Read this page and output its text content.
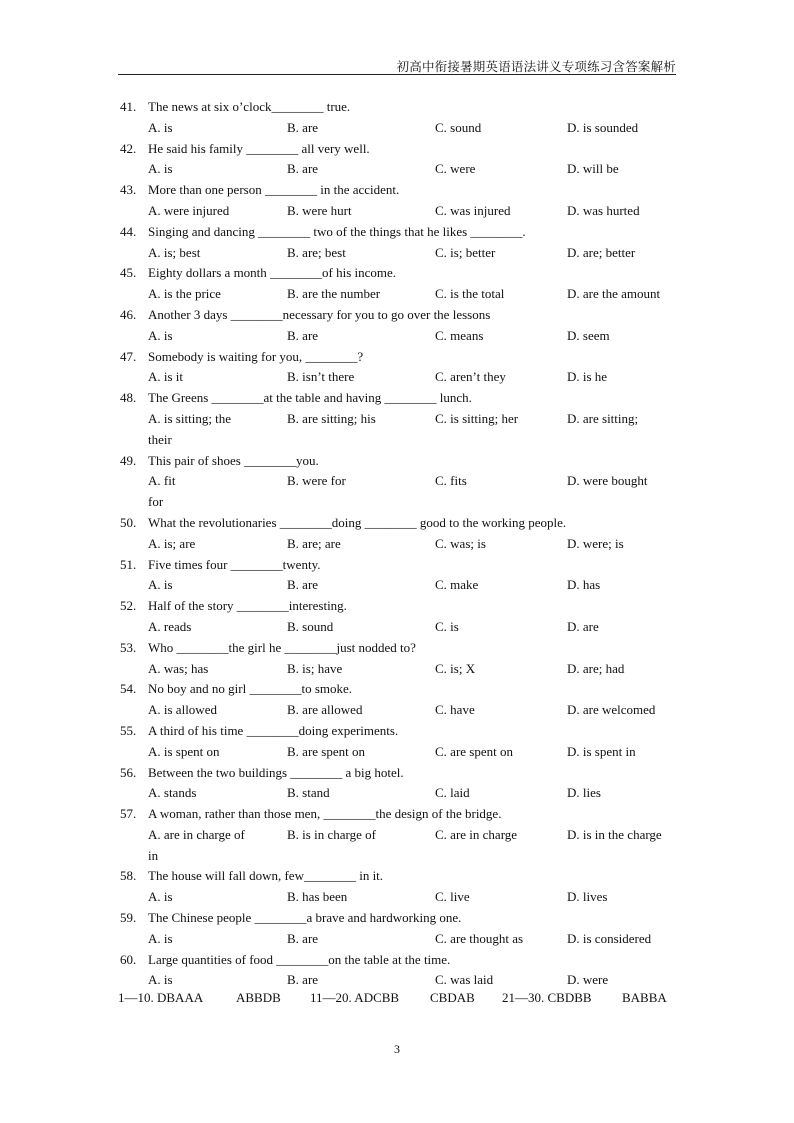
初高中衔接暑期英语语法讲义专项练习含答案解析
41. The news at six o’clock________ true.
A. is	B. are	C. sound	D. is sounded
42. He said his family ________ all very well.
A. is	B. are	C. were	D. will be
43. More than one person ________ in the accident.
A. were injured	B. were hurt	C. was injured	D. was hurted
44. Singing and dancing ________ two of the things that he likes ________.
A. is; best	B. are; best	C. is; better	D. are; better
45. Eighty dollars a month ________of his income.
A. is the price	B. are the number	C. is the total	D. are the amount
46. Another 3 days ________necessary for you to go over the lessons
A. is	B. are	C. means	D. seem
47. Somebody is waiting for you, ________?
A. is it	B. isn’t there	C. aren’t they	D. is he
48. The Greens ________at the table and having ________ lunch.
A. is sitting; the	B. are sitting; his	C. is sitting; her	D. are sitting;
their
49. This pair of shoes ________you.
A. fit	B. were for	C. fits	D. were bought
for
50. What the revolutionaries ________doing ________ good to the working people.
A. is; are	B. are; are	C. was; is	D. were; is
51. Five times four ________twenty.
A. is	B. are	C. make	D. has
52. Half of the story ________interesting.
A. reads	B. sound	C. is	D. are
53. Who ________the girl he ________just nodded to?
A. was; has	B. is; have	C. is; X	D. are; had
54. No boy and no girl ________to smoke.
A. is allowed	B. are allowed	C. have	D. are welcomed
55. A third of his time ________doing experiments.
A. is spent on	B. are spent on	C. are spent on	D. is spent in
56. Between the two buildings ________ a big hotel.
A. stands	B. stand	C. laid	D. lies
57. A woman, rather than those men, ________the design of the bridge.
A. are in charge of	B. is in charge of	C. are in charge	D. is in the charge
in
58. The house will fall down, few________ in it.
A. is	B. has been	C. live	D. lives
59. The Chinese people ________a brave and hardworking one.
A. is	B. are	C. are thought as	D. is considered
60. Large quantities of food ________on the table at the time.
A. is	B. are	C. was laid	D. were
1—10. DBAAA	ABBDB 11—20. ADCBB CBDAB 21—30. CBDBB BABBA
3
